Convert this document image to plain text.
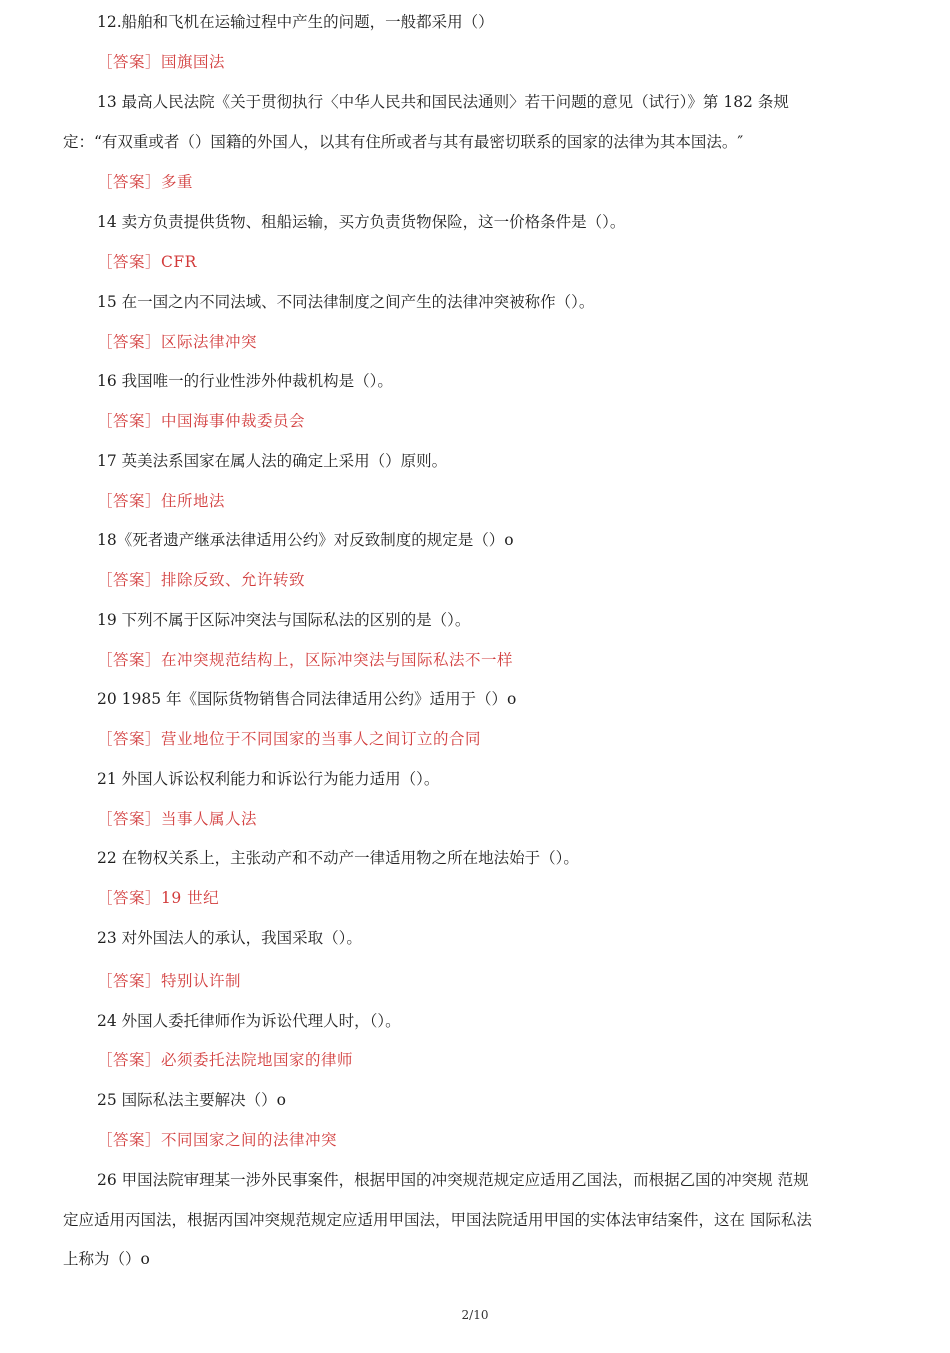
12.船舶和飞机在运输过程中产生的问题，一般都采用（）
［答案］国旗国法
13 最高人民法院《关于贯彻执行〈中华人民共和国民法通则〉若干问题的意见（试行）》第 182 条规
定：“有双重或者（）国籍的外国人，以其有住所或者与其有最密切联系的国家的法律为其本国法。″
［答案］多重
14 卖方负责提供货物、租船运输，买方负责货物保险，这一价格条件是（）。
［答案］CFR
15 在一国之内不同法域、不同法律制度之间产生的法律冲突被称作（）。
［答案］区际法律冲突
16 我国唯一的行业性涉外仲裁机构是（）。
［答案］中国海事仲裁委员会
17 英美法系国家在属人法的确定上采用（）原则。
［答案］住所地法
18《死者遗产继承法律适用公约》对反致制度的规定是（）o
［答案］排除反致、允许转致
19 下列不属于区际冲突法与国际私法的区别的是（）。
［答案］在冲突规范结构上，区际冲突法与国际私法不一样
20 1985 年《国际货物销售合同法律适用公约》适用于（）o
［答案］营业地位于不同国家的当事人之间订立的合同
21 外国人诉讼权利能力和诉讼行为能力适用（）。
［答案］当事人属人法
22 在物权关系上，主张动产和不动产一律适用物之所在地法始于（）。
［答案］19 世纪
23 对外国法人的承认，我国采取（）。
［答案］特别认许制
24 外国人委托律师作为诉讼代理人时，（）。
［答案］必须委托法院地国家的律师
25 国际私法主要解决（）o
［答案］不同国家之间的法律冲突
26 甲国法院审理某一涉外民事案件，根据甲国的冲突规范规定应适用乙国法，而根据乙国的冲突规 范规
定应适用丙国法，根据丙国冲突规范规定应适用甲国法，甲国法院适用甲国的实体法审结案件，这在 国际私法
上称为（）o
2/10
